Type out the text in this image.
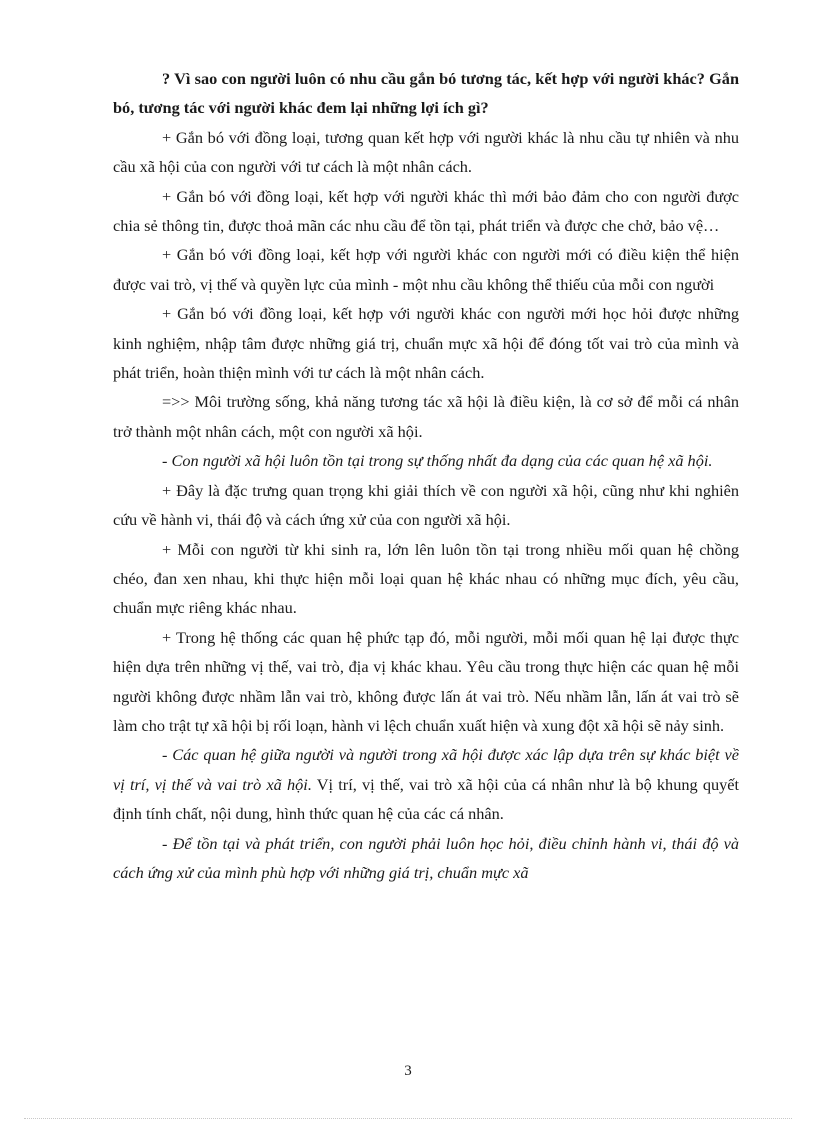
? Vì sao con người luôn có nhu cầu gắn bó tương tác, kết hợp với người khác? Gắn bó, tương tác với người khác đem lại những lợi ích gì?

+ Gắn bó với đồng loại, tương quan kết hợp với người khác là nhu cầu tự nhiên và nhu cầu xã hội của con người với tư cách là một nhân cách.

+ Gắn bó với đồng loại, kết hợp với người khác thì mới bảo đảm cho con người được chia sẻ thông tin, được thoả mãn các nhu cầu để tồn tại, phát triển và được che chở, bảo vệ…

+ Gắn bó với đồng loại, kết hợp với người khác con người mới có điều kiện thể hiện được vai trò, vị thế và quyền lực của mình - một nhu cầu không thể thiếu của mỗi con người

+ Gắn bó với đồng loại, kết hợp với người khác con người mới học hỏi được những kinh nghiệm, nhập tâm được những giá trị, chuẩn mực xã hội để đóng tốt vai trò của mình và phát triển, hoàn thiện mình với tư cách là một nhân cách.

=>> Môi trường sống, khả năng tương tác xã hội là điều kiện, là cơ sở để mỗi cá nhân trở thành một nhân cách, một con người xã hội.

- Con người xã hội luôn tồn tại trong sự thống nhất đa dạng của các quan hệ xã hội.

+ Đây là đặc trưng quan trọng khi giải thích về con người xã hội, cũng như khi nghiên cứu về hành vi, thái độ và cách ứng xử của con người xã hội.

+ Mỗi con người từ khi sinh ra, lớn lên luôn tồn tại trong nhiều mối quan hệ chồng chéo, đan xen nhau, khi thực hiện mỗi loại quan hệ khác nhau có những mục đích, yêu cầu, chuẩn mực riêng khác nhau.

+ Trong hệ thống các quan hệ phức tạp đó, mỗi người, mỗi mối quan hệ lại được thực hiện dựa trên những vị thế, vai trò, địa vị khác khau. Yêu cầu trong thực hiện các quan hệ mỗi người không được nhầm lẫn vai trò, không được lấn át vai trò. Nếu nhầm lẫn, lấn át vai trò sẽ làm cho trật tự xã hội bị rối loạn, hành vi lệch chuẩn xuất hiện và xung đột xã hội sẽ nảy sinh.

- Các quan hệ giữa người và người trong xã hội được xác lập dựa trên sự khác biệt về vị trí, vị thế và vai trò xã hội. Vị trí, vị thế, vai trò xã hội của cá nhân như là bộ khung quyết định tính chất, nội dung, hình thức quan hệ của các cá nhân.

- Để tồn tại và phát triển, con người phải luôn học hỏi, điều chỉnh hành vi, thái độ và cách ứng xử của mình phù hợp với những giá trị, chuẩn mực xã

3
